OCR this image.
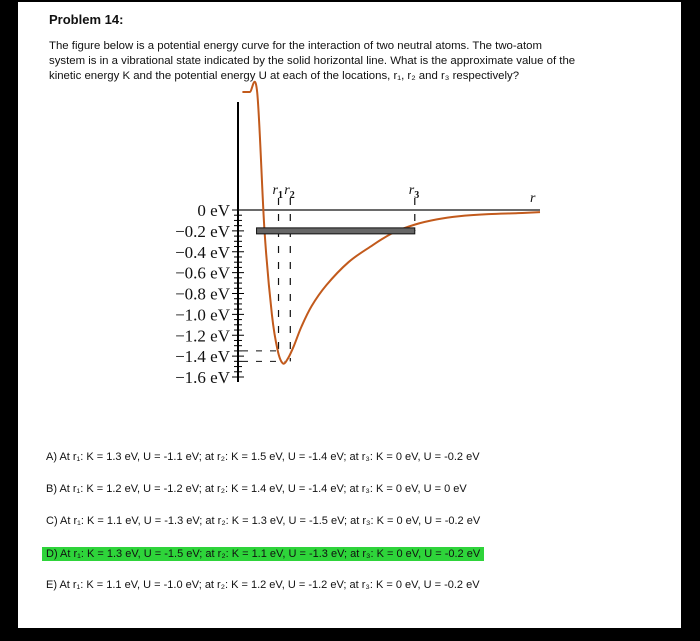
Problem 14:
The figure below is a potential energy curve for the interaction of two neutral atoms. The two-atom
system is in a vibrational state indicated by the solid horizontal line. What is the approximate value of the
kinetic energy K and the potential energy U at each of the locations, r₁, r₂ and r₃ respectively?
0 eV
−0.2 eV
−0.4 eV
−0.6 eV
−0.8 eV
−1.0 eV
−1.2 eV
−1.4 eV
−1.6 eV
$r_1$ $r_2$	$r_3$	r
A) At r₁: K = 1.3 eV, U = -1.1 eV; at r₂: K = 1.5 eV, U = -1.4 eV; at r₃: K = 0 eV, U = -0.2 eV
B) At r₁: K = 1.2 eV, U = -1.2 eV; at r₂: K = 1.4 eV, U = -1.4 eV; at r₃: K = 0 eV, U = 0 eV
C) At r₁: K = 1.1 eV, U = -1.3 eV; at r₂: K = 1.3 eV, U = -1.5 eV; at r₃: K = 0 eV, U = -0.2 eV
D) At r₁: K = 1.3 eV, U = -1.5 eV; at r₂: K = 1.1 eV, U = -1.3 eV; at r₃: K = 0 eV, U = -0.2 eV
E) At r₁: K = 1.1 eV, U = -1.0 eV; at r₂: K = 1.2 eV, U = -1.2 eV; at r₃: K = 0 eV, U = -0.2 eV
